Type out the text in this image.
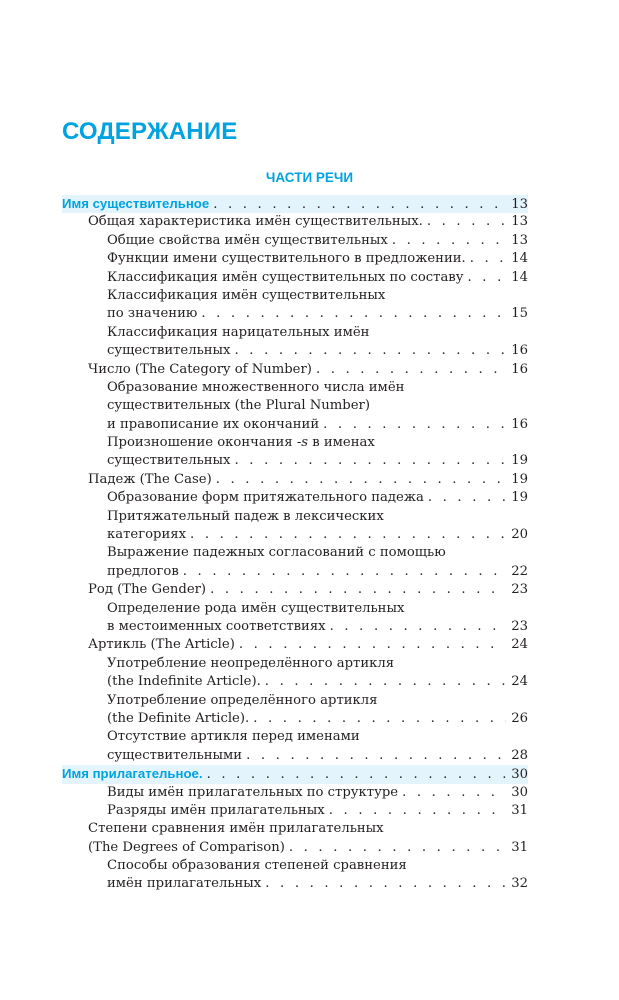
СОДЕРЖАНИЕ
ЧАСТИ РЕЧИ
Имя существительное . . .	13
Общая характеристика имён существительных. . . .	13
Общие свойства имён существительных . . .	13
Функции имени существительного в предложении. . . .	14
Классификация имён существительных по составу . . .	14
Классификация имён существительных
по значению . . .	15
Классификация нарицательных имён
существительных . . .	16
Число (The Category of Number) . . .	16
Образование множественного числа имён
существительных (the Plural Number)
и правописание их окончаний . . .	16
Произношение окончания -s в именах
существительных . . .	19
Падеж (The Case) . . .	19
Образование форм притяжательного падежа . . .	19
Притяжательный падеж в лексических
категориях . . .	20
Выражение падежных согласований с помощью
предлогов . . .	22
Род (The Gender) . . .	23
Определение рода имён существительных
в местоименных соответствиях . . .	23
Артикль (The Article) . . .	24
Употребление неопределённого артикля
(the Indefinite Article). . . .	24
Употребление определённого артикля
(the Definite Article). . . .	26
Отсутствие артикля перед именами
существительными . . .	28
Имя прилагательное. . . .	30
Виды имён прилагательных по структуре . . .	30
Разряды имён прилагательных . . .	31
Степени сравнения имён прилагательных
(The Degrees of Comparison) . . .	31
Способы образования степеней сравнения
имён прилагательных . . .	32
